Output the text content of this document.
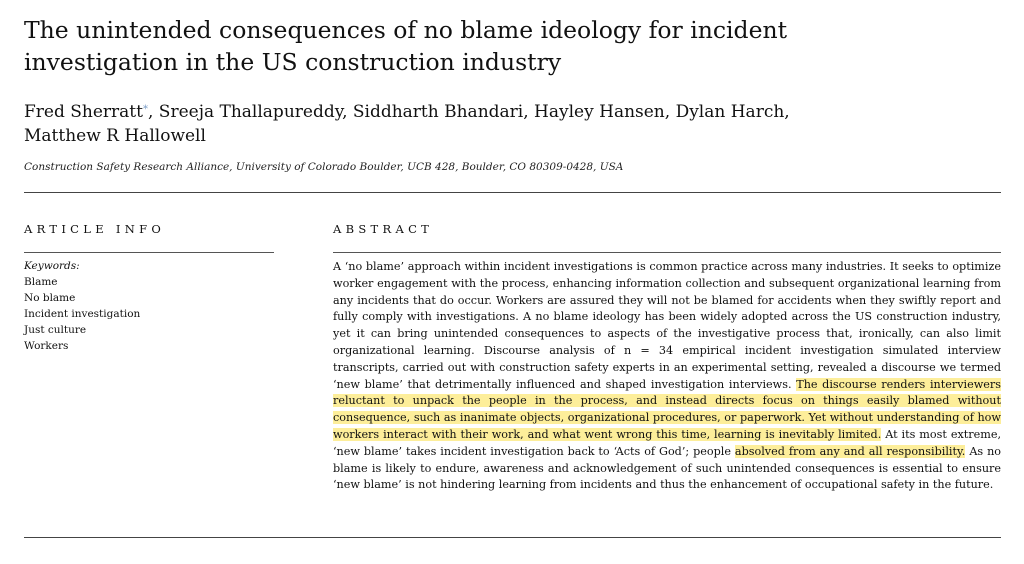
The unintended consequences of no blame ideology for incident investigation in the US construction industry
Fred Sherratt*, Sreeja Thallapureddy, Siddharth Bhandari, Hayley Hansen, Dylan Harch, Matthew R Hallowell
Construction Safety Research Alliance, University of Colorado Boulder, UCB 428, Boulder, CO 80309-0428, USA
ARTICLE INFO	ABSTRACT
Keywords:
Blame
No blame
Incident investigation
Just culture
Workers

A ‘no blame’ approach within incident investigations is common practice across many industries. It seeks to optimize worker engagement with the process, enhancing information collection and subsequent organizational learning from any incidents that do occur. Workers are assured they will not be blamed for accidents when they swiftly report and fully comply with investigations. A no blame ideology has been widely adopted across the US construction industry, yet it can bring unintended consequences to aspects of the investigative process that, ironically, can also limit organizational learning. Discourse analysis of n = 34 empirical incident investigation simulated interview transcripts, carried out with construction safety experts in an experimental setting, revealed a discourse we termed ‘new blame’ that detrimentally influenced and shaped investigation interviews. The discourse renders interviewers reluctant to unpack the people in the process, and instead directs focus on things easily blamed without consequence, such as inanimate objects, organizational procedures, or paperwork. Yet without understanding of how workers interact with their work, and what went wrong this time, learning is inevitably limited. At its most extreme, ‘new blame’ takes incident investigation back to ‘Acts of God’; people absolved from any and all responsibility. As no blame is likely to endure, awareness and acknowledgement of such unintended consequences is essential to ensure ‘new blame’ is not hindering learning from incidents and thus the enhancement of occupational safety in the future.
